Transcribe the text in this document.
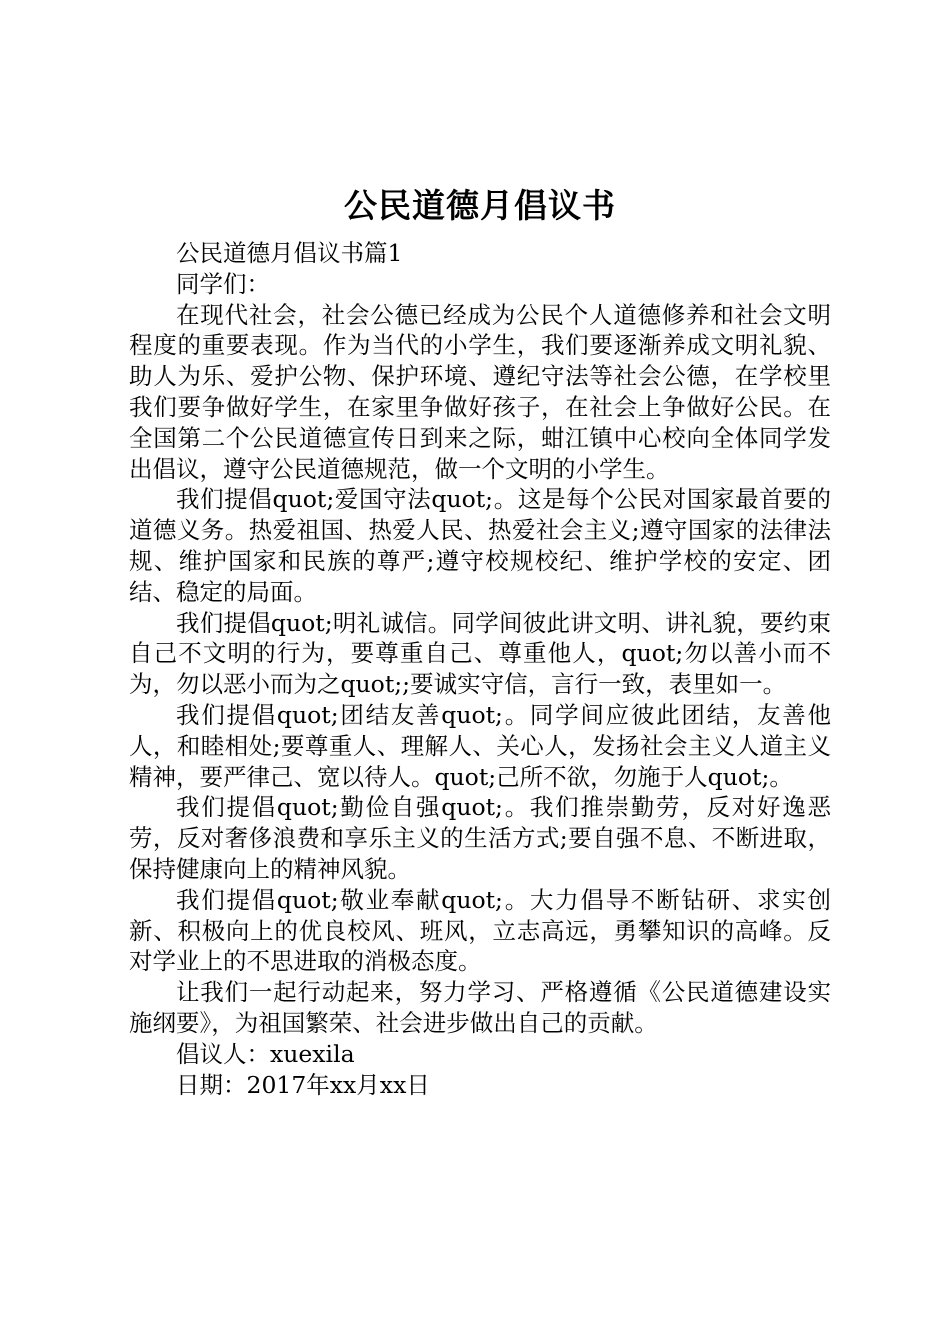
公民道德月倡议书

公民道德月倡议书篇1

同学们：

在现代社会，社会公德已经成为公民个人道德修养和社会文明程度的重要表现。作为当代的小学生，我们要逐渐养成文明礼貌、助人为乐、爱护公物、保护环境、遵纪守法等社会公德，在学校里我们要争做好学生，在家里争做好孩子，在社会上争做好公民。在全国第二个公民道德宣传日到来之际，蚶江镇中心校向全体同学发出倡议，遵守公民道德规范，做一个文明的小学生。

我们提倡quot;爱国守法quot;。这是每个公民对国家最首要的道德义务。热爱祖国、热爱人民、热爱社会主义;遵守国家的法律法规、维护国家和民族的尊严;遵守校规校纪、维护学校的安定、团结、稳定的局面。

我们提倡quot;明礼诚信。同学间彼此讲文明、讲礼貌，要约束自己不文明的行为，要尊重自己、尊重他人，quot;勿以善小而不为，勿以恶小而为之quot;;要诚实守信，言行一致，表里如一。

我们提倡quot;团结友善quot;。同学间应彼此团结，友善他人，和睦相处;要尊重人、理解人、关心人，发扬社会主义人道主义精神，要严律己、宽以待人。quot;己所不欲，勿施于人quot;。

我们提倡quot;勤俭自强quot;。我们推崇勤劳，反对好逸恶劳，反对奢侈浪费和享乐主义的生活方式;要自强不息、不断进取，保持健康向上的精神风貌。

我们提倡quot;敬业奉献quot;。大力倡导不断钻研、求实创新、积极向上的优良校风、班风，立志高远，勇攀知识的高峰。反对学业上的不思进取的消极态度。

让我们一起行动起来，努力学习、严格遵循《公民道德建设实施纲要》，为祖国繁荣、社会进步做出自己的贡献。

倡议人：xuexila

日期：2017年xx月xx日
